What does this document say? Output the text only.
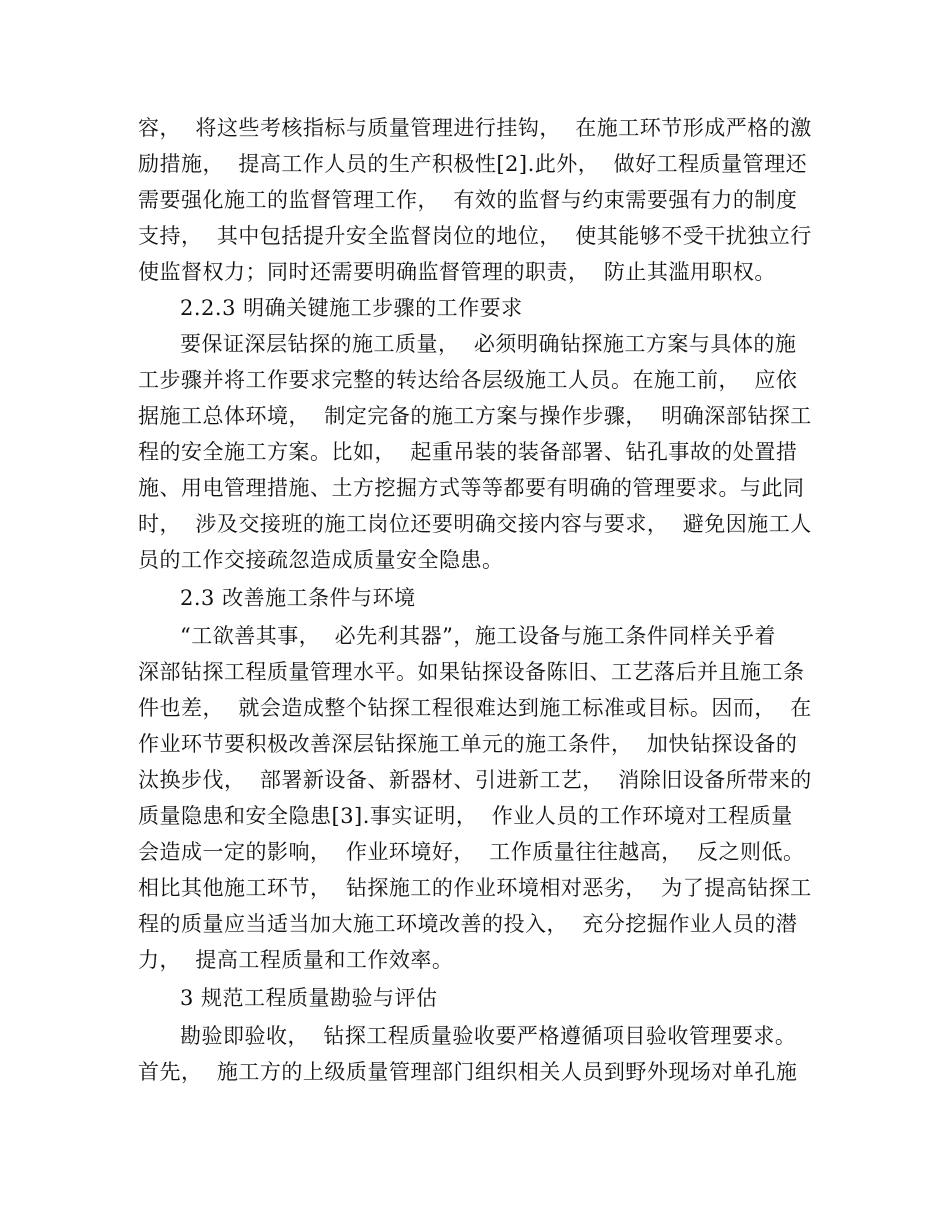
容，  将这些考核指标与质量管理进行挂钩，  在施工环节形成严格的激
励措施，  提高工作人员的生产积极性[2].此外，  做好工程质量管理还
需要强化施工的监督管理工作，  有效的监督与约束需要强有力的制度
支持，  其中包括提升安全监督岗位的地位，  使其能够不受干扰独立行
使监督权力；同时还需要明确监督管理的职责，  防止其滥用职权。
2.2.3 明确关键施工步骤的工作要求
要保证深层钻探的施工质量，  必须明确钻探施工方案与具体的施
工步骤并将工作要求完整的转达给各层级施工人员。在施工前，  应依
据施工总体环境，  制定完备的施工方案与操作步骤，  明确深部钻探工
程的安全施工方案。比如，  起重吊装的装备部署、钻孔事故的处置措
施、用电管理措施、土方挖掘方式等等都要有明确的管理要求。与此同
时，  涉及交接班的施工岗位还要明确交接内容与要求，  避免因施工人
员的工作交接疏忽造成质量安全隐患。
2.3 改善施工条件与环境
“工欲善其事，  必先利其器”，施工设备与施工条件同样关乎着
深部钻探工程质量管理水平。如果钻探设备陈旧、工艺落后并且施工条
件也差，  就会造成整个钻探工程很难达到施工标准或目标。因而，  在
作业环节要积极改善深层钻探施工单元的施工条件，  加快钻探设备的
汰换步伐，  部署新设备、新器材、引进新工艺，  消除旧设备所带来的
质量隐患和安全隐患[3].事实证明，  作业人员的工作环境对工程质量
会造成一定的影响，  作业环境好，  工作质量往往越高，  反之则低。
相比其他施工环节，  钻探施工的作业环境相对恶劣，  为了提高钻探工
程的质量应当适当加大施工环境改善的投入，  充分挖掘作业人员的潜
力，  提高工程质量和工作效率。
3 规范工程质量勘验与评估
勘验即验收，  钻探工程质量验收要严格遵循项目验收管理要求。
首先，  施工方的上级质量管理部门组织相关人员到野外现场对单孔施
